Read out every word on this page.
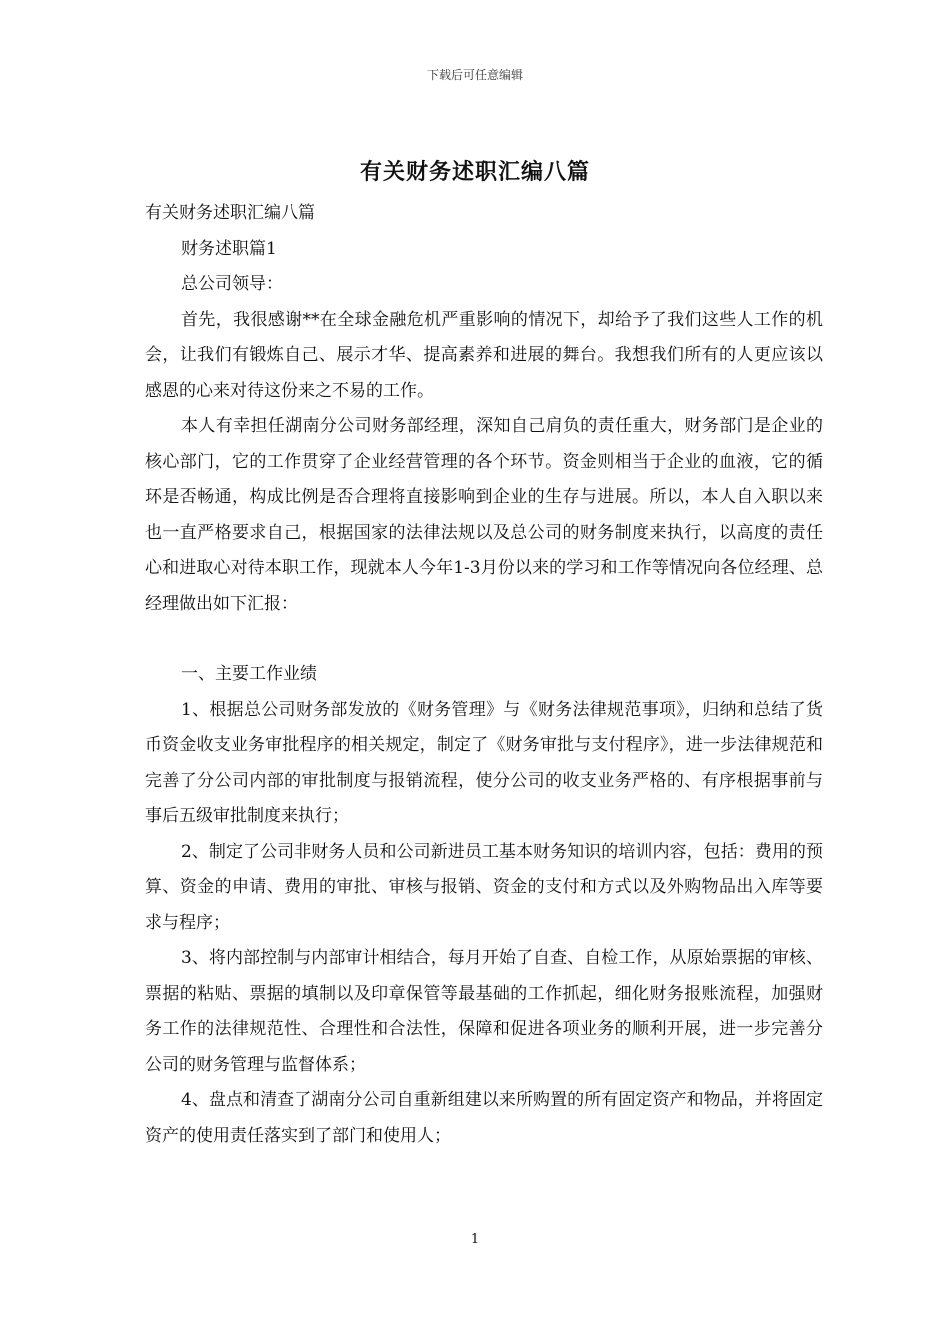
下载后可任意编辑
有关财务述职汇编八篇

有关财务述职汇编八篇

财务述职篇1

总公司领导：

首先，我很感谢**在全球金融危机严重影响的情况下，却给予了我们这些人工作的机会，让我们有锻炼自己、展示才华、提高素养和进展的舞台。我想我们所有的人更应该以感恩的心来对待这份来之不易的工作。

本人有幸担任湖南分公司财务部经理，深知自己肩负的责任重大，财务部门是企业的核心部门，它的工作贯穿了企业经营管理的各个环节。资金则相当于企业的血液，它的循环是否畅通，构成比例是否合理将直接影响到企业的生存与进展。所以，本人自入职以来也一直严格要求自己，根据国家的法律法规以及总公司的财务制度来执行，以高度的责任心和进取心对待本职工作，现就本人今年1-3月份以来的学习和工作等情况向各位经理、总经理做出如下汇报：

一、主要工作业绩

1、根据总公司财务部发放的《财务管理》与《财务法律规范事项》，归纳和总结了货币资金收支业务审批程序的相关规定，制定了《财务审批与支付程序》，进一步法律规范和完善了分公司内部的审批制度与报销流程，使分公司的收支业务严格的、有序根据事前与事后五级审批制度来执行；

2、制定了公司非财务人员和公司新进员工基本财务知识的培训内容，包括：费用的预算、资金的申请、费用的审批、审核与报销、资金的支付和方式以及外购物品出入库等要求与程序；

3、将内部控制与内部审计相结合，每月开始了自查、自检工作，从原始票据的审核、票据的粘贴、票据的填制以及印章保管等最基础的工作抓起，细化财务报账流程，加强财务工作的法律规范性、合理性和合法性，保障和促进各项业务的顺利开展，进一步完善分公司的财务管理与监督体系；

4、盘点和清查了湖南分公司自重新组建以来所购置的所有固定资产和物品，并将固定资产的使用责任落实到了部门和使用人；

1
